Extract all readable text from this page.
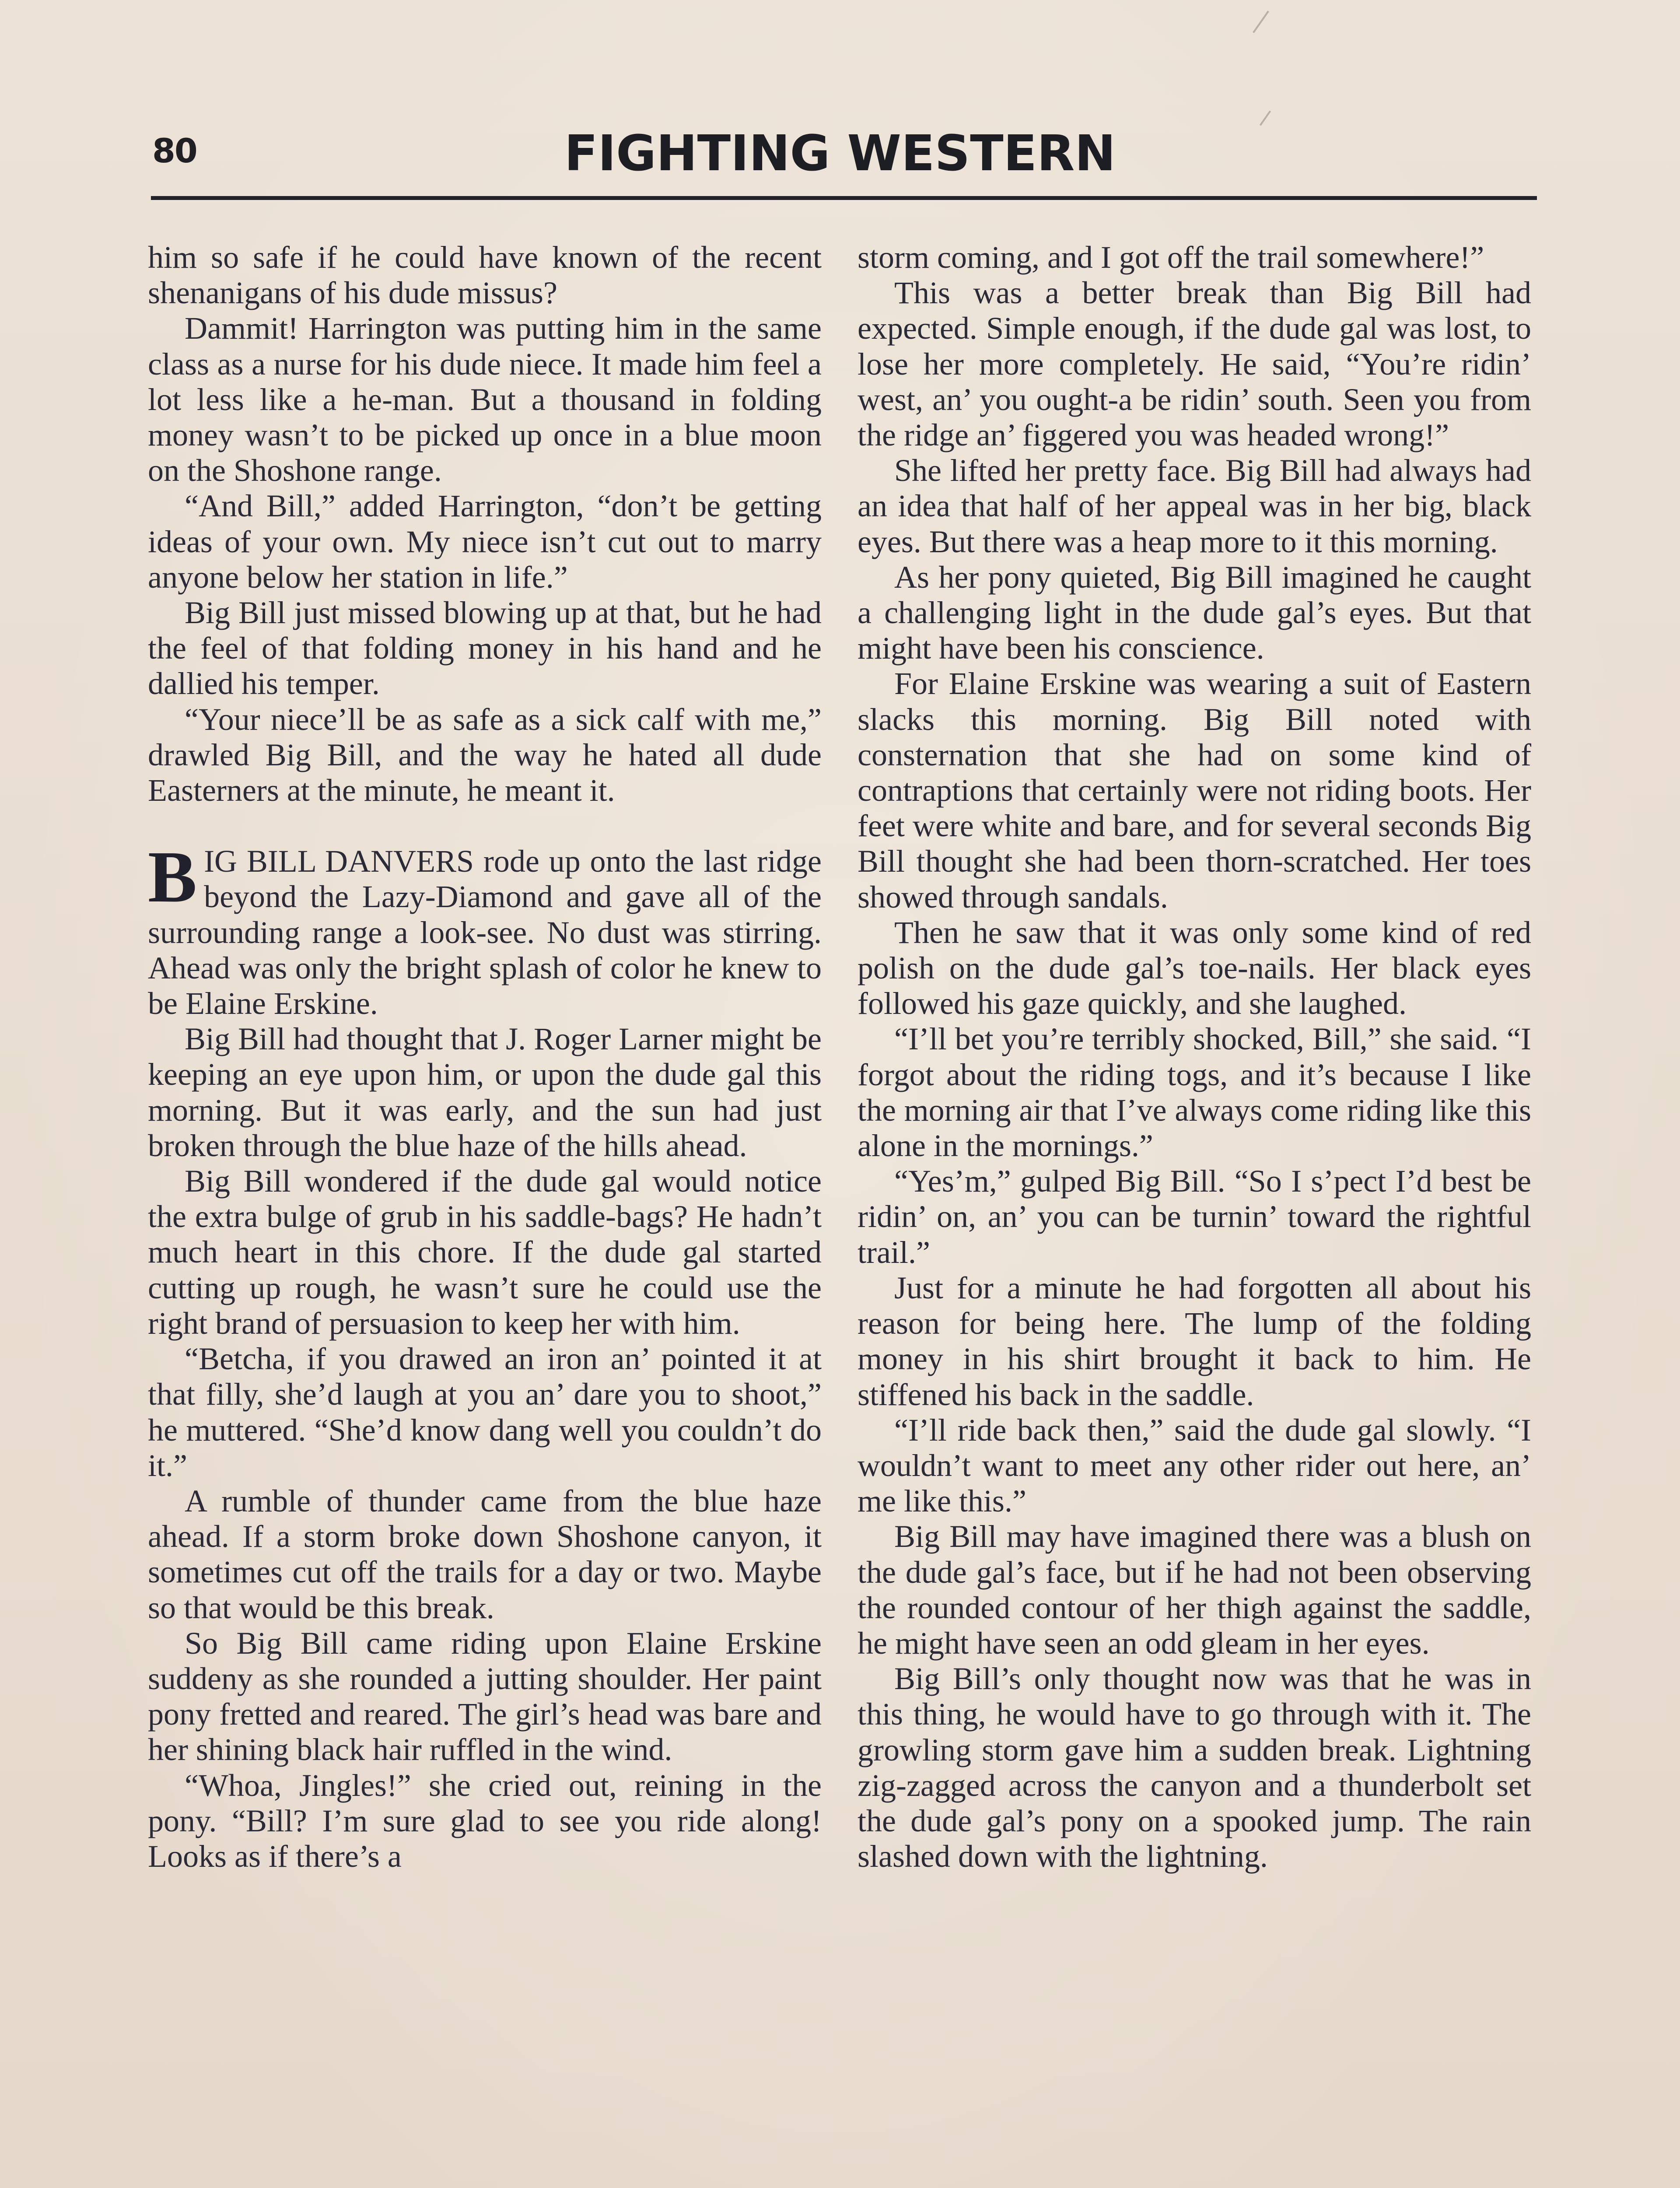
80	FIGHTING WESTERN

him so safe if he could have known of the recent shenanigans of his dude missus?

Dammit! Harrington was putting him in the same class as a nurse for his dude niece. It made him feel a lot less like a he-man. But a thousand in folding money wasn’t to be picked up once in a blue moon on the Shoshone range.

“And Bill,” added Harrington, “don’t be getting ideas of your own. My niece isn’t cut out to marry anyone below her station in life.”

Big Bill just missed blowing up at that, but he had the feel of that folding money in his hand and he dallied his temper.

“Your niece’ll be as safe as a sick calf with me,” drawled Big Bill, and the way he hated all dude Easterners at the minute, he meant it.

BIG BILL DANVERS rode up onto the last ridge beyond the Lazy-Diamond and gave all of the surrounding range a look-see. No dust was stirring. Ahead was only the bright splash of color he knew to be Elaine Erskine.

Big Bill had thought that J. Roger Larner might be keeping an eye upon him, or upon the dude gal this morning. But it was early, and the sun had just broken through the blue haze of the hills ahead.

Big Bill wondered if the dude gal would notice the extra bulge of grub in his saddle-bags? He hadn’t much heart in this chore. If the dude gal started cutting up rough, he wasn’t sure he could use the right brand of persuasion to keep her with him.

“Betcha, if you drawed an iron an’ pointed it at that filly, she’d laugh at you an’ dare you to shoot,” he muttered. “She’d know dang well you couldn’t do it.”

A rumble of thunder came from the blue haze ahead. If a storm broke down Shoshone canyon, it sometimes cut off the trails for a day or two. Maybe so that would be this break.

So Big Bill came riding upon Elaine Erskine suddeny as she rounded a jutting shoulder. Her paint pony fretted and reared. The girl’s head was bare and her shining black hair ruffled in the wind.

“Whoa, Jingles!” she cried out, reining in the pony. “Bill? I’m sure glad to see you ride along! Looks as if there’s a

storm coming, and I got off the trail somewhere!”

This was a better break than Big Bill had expected. Simple enough, if the dude gal was lost, to lose her more completely. He said, “You’re ridin’ west, an’ you ought-a be ridin’ south. Seen you from the ridge an’ figgered you was headed wrong!”

She lifted her pretty face. Big Bill had always had an idea that half of her appeal was in her big, black eyes. But there was a heap more to it this morning.

As her pony quieted, Big Bill imagined he caught a challenging light in the dude gal’s eyes. But that might have been his conscience.

For Elaine Erskine was wearing a suit of Eastern slacks this morning. Big Bill noted with consternation that she had on some kind of contraptions that certainly were not riding boots. Her feet were white and bare, and for several seconds Big Bill thought she had been thorn-scratched. Her toes showed through sandals.

Then he saw that it was only some kind of red polish on the dude gal’s toe-nails. Her black eyes followed his gaze quickly, and she laughed.

“I’ll bet you’re terribly shocked, Bill,” she said. “I forgot about the riding togs, and it’s because I like the morning air that I’ve always come riding like this alone in the mornings.”

“Yes’m,” gulped Big Bill. “So I s’pect I’d best be ridin’ on, an’ you can be turnin’ toward the rightful trail.”

Just for a minute he had forgotten all about his reason for being here. The lump of the folding money in his shirt brought it back to him. He stiffened his back in the saddle.

“I’ll ride back then,” said the dude gal slowly. “I wouldn’t want to meet any other rider out here, an’ me like this.”

Big Bill may have imagined there was a blush on the dude gal’s face, but if he had not been observing the rounded contour of her thigh against the saddle, he might have seen an odd gleam in her eyes.

Big Bill’s only thought now was that he was in this thing, he would have to go through with it. The growling storm gave him a sudden break. Lightning zig-zagged across the canyon and a thunderbolt set the dude gal’s pony on a spooked jump. The rain slashed down with the lightning.
